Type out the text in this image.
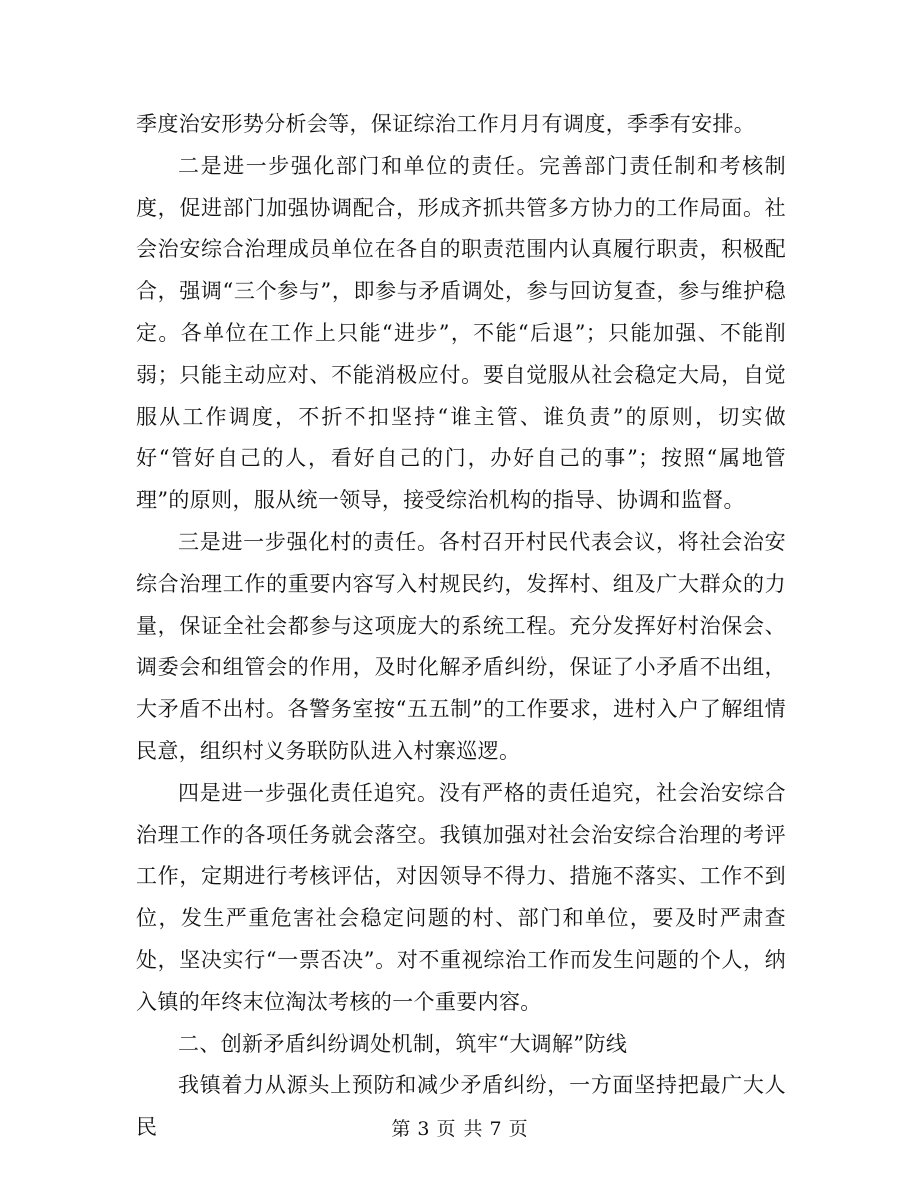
季度治安形势分析会等，保证综治工作月月有调度，季季有安排。

二是进一步强化部门和单位的责任。完善部门责任制和考核制度，促进部门加强协调配合，形成齐抓共管多方协力的工作局面。社会治安综合治理成员单位在各自的职责范围内认真履行职责，积极配合，强调“三个参与”，即参与矛盾调处，参与回访复查，参与维护稳定。各单位在工作上只能“进步”，不能“后退”；只能加强、不能削弱；只能主动应对、不能消极应付。要自觉服从社会稳定大局，自觉服从工作调度，不折不扣坚持“谁主管、谁负责”的原则，切实做好“管好自己的人，看好自己的门，办好自己的事”；按照“属地管理”的原则，服从统一领导，接受综治机构的指导、协调和监督。

三是进一步强化村的责任。各村召开村民代表会议，将社会治安综合治理工作的重要内容写入村规民约，发挥村、组及广大群众的力量，保证全社会都参与这项庞大的系统工程。充分发挥好村治保会、调委会和组管会的作用，及时化解矛盾纠纷，保证了小矛盾不出组，大矛盾不出村。各警务室按“五五制”的工作要求，进村入户了解组情民意，组织村义务联防队进入村寨巡逻。

四是进一步强化责任追究。没有严格的责任追究，社会治安综合治理工作的各项任务就会落空。我镇加强对社会治安综合治理的考评工作，定期进行考核评估，对因领导不得力、措施不落实、工作不到位，发生严重危害社会稳定问题的村、部门和单位，要及时严肃查处，坚决实行“一票否决”。对不重视综治工作而发生问题的个人，纳入镇的年终末位淘汰考核的一个重要内容。

二、创新矛盾纠纷调处机制，筑牢“大调解”防线

我镇着力从源头上预防和减少矛盾纠纷，一方面坚持把最广大人民	第 3 页 共 7 页
